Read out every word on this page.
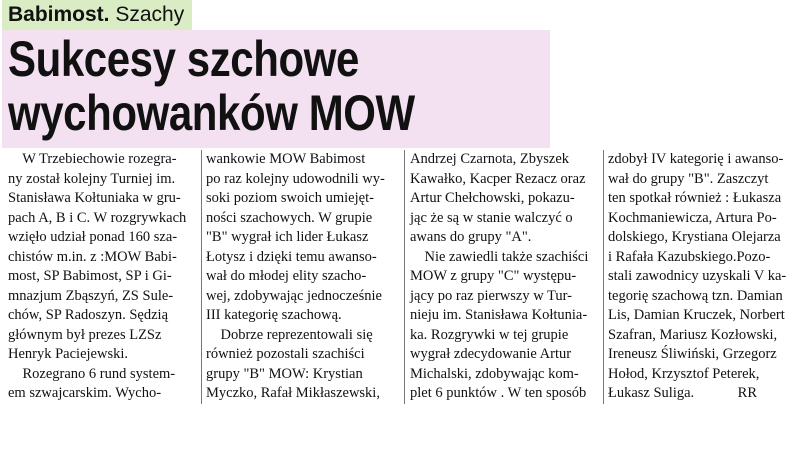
Babimost. Szachy
Sukcesy szchowe
wychowanków MOW
W Trzebiechowie rozegra-
ny został kolejny Turniej im.
Stanisława Kołtuniaka w gru-
pach A, B i C. W rozgrywkach
wzięło udział ponad 160 sza-
chistów m.in. z :MOW Babi-
most, SP Babimost, SP i Gi-
mnazjum Zbąszyń, ZS Sule-
chów, SP Radoszyn. Sędzią
głównym był prezes LZSz
Henryk Paciejewski.
Rozegrano 6 rund system-
em szwajcarskim. Wycho-
wankowie MOW Babimost
po raz kolejny udowodnili wy-
soki poziom swoich umiejęt-
ności szachowych. W grupie
"B" wygrał ich lider Łukasz
Łotysz i dzięki temu awanso-
wał do młodej elity szacho-
wej, zdobywając jednocześnie
III kategorię szachową.
Dobrze reprezentowali się
również pozostali szachiści
grupy "B" MOW: Krystian
Myczko, Rafał Mikłaszewski,
Andrzej Czarnota, Zbyszek
Kawałko, Kacper Rezacz oraz
Artur Chełchowski, pokazu-
jąc że są w stanie walczyć o
awans do grupy "A".
Nie zawiedli także szachiści
MOW z grupy "C" występu-
jący po raz pierwszy w Tur-
nieju im. Stanisława Kołtunia-
ka. Rozgrywki w tej grupie
wygrał zdecydowanie Artur
Michalski, zdobywając kom-
plet 6 punktów . W ten sposób
zdobył IV kategorię i awanso-
wał do grupy "B". Zaszczyt
ten spotkał również : Łukasza
Kochmaniewicza, Artura Po-
dolskiego, Krystiana Olejarza
i Rafała Kazubskiego.Pozo-
stali zawodnicy uzyskali V ka-
tegorię szachową tzn. Damian
Lis, Damian Kruczek, Norbert
Szafran, Mariusz Kozłowski,
Ireneusz Śliwiński, Grzegorz
Hołod, Krzysztof Peterek,
Łukasz Suliga.            RR
